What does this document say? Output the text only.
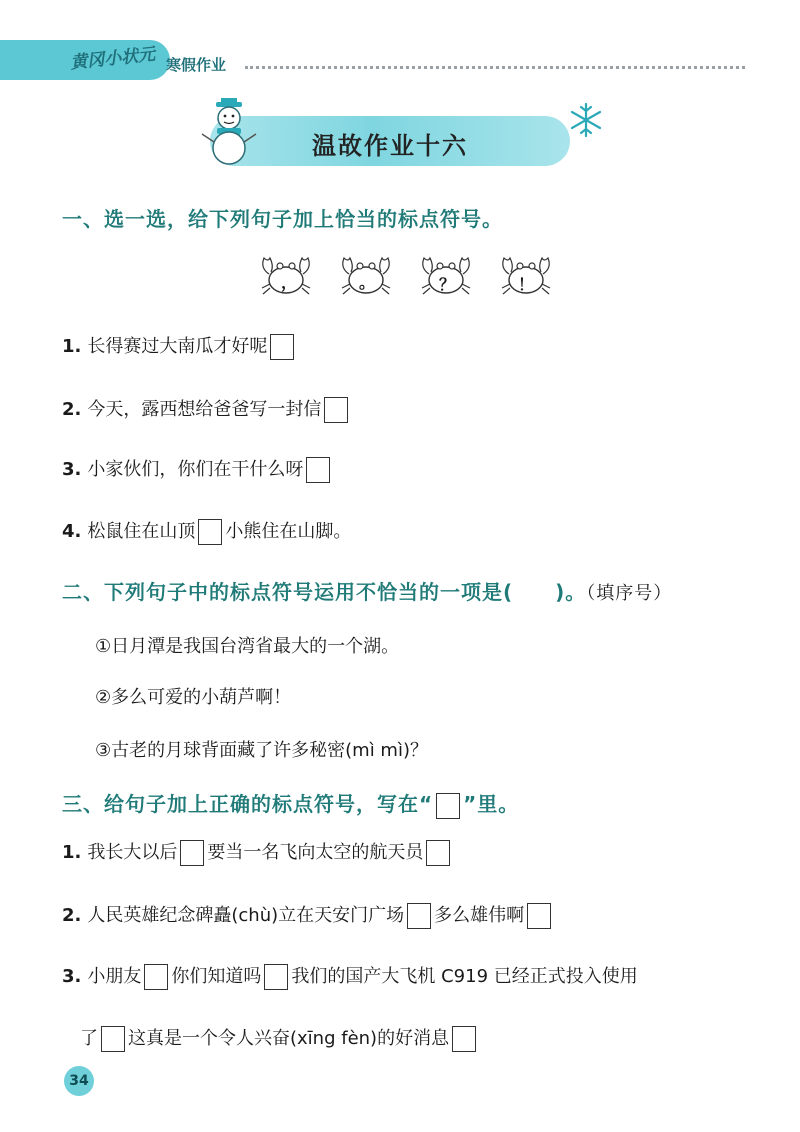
黄冈小状元 寒假作业
温故作业十六
一、选一选，给下列句子加上恰当的标点符号。
，	。	？	！
1. 长得赛过大南瓜才好呢
2. 今天，露西想给爸爸写一封信
3. 小家伙们，你们在干什么呀
4. 松鼠住在山顶 小熊住在山脚。
二、下列句子中的标点符号运用不恰当的一项是( )。（填序号）
①日月潭是我国台湾省最大的一个湖。
②多么可爱的小葫芦啊！
③古老的月球背面藏了许多秘密(mì mì)？
三、给句子加上正确的标点符号，写在“ ”里。
1. 我长大以后 要当一名飞向太空的航天员
2. 人民英雄纪念碑矗(chù)立在天安门广场 多么雄伟啊
3. 小朋友 你们知道吗 我们的国产大飞机 C919 已经正式投入使用
了 这真是一个令人兴奋(xīng fèn)的好消息
34
